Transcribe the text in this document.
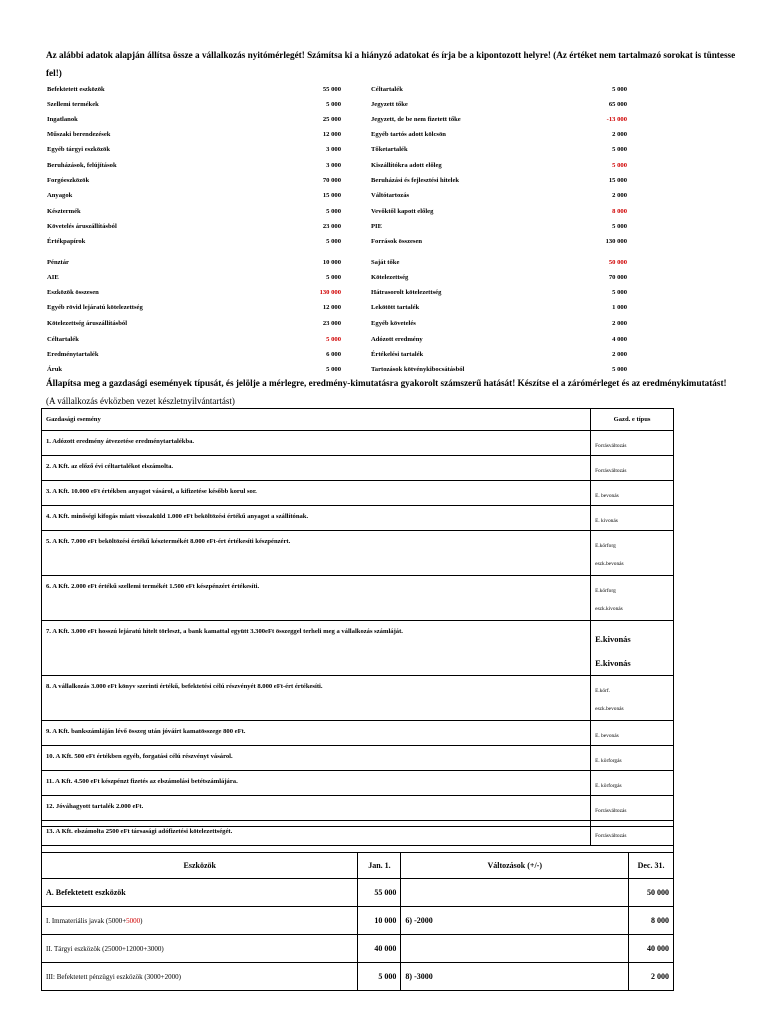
Az alábbi adatok alapján állítsa össze a vállalkozás nyitómérlegét! Számítsa ki a hiányzó adatokat és írja be a kipontozott helyre! (Az értéket nem tartalmazó sorokat is tüntesse fel!)
Befektetett eszközök	55 000
Szellemi termékek	5 000
Ingatlanok	25 000
Műszaki berendezések	12 000
Egyéb tárgyi eszközök	3 000
Beruházások, felújítások	3 000
Forgóeszközök	70 000
Anyagok	15 000
Késztermék	5 000
Követelés áruszállításból	23 000
Értékpapírok	5 000
Pénztár	10 000
AIE	5 000
Eszközök összesen	130 000
Egyéb rövid lejáratú kötelezettség	12 000
Kötelezettség áruszállításból	23 000
Céltartalék	5 000
Eredménytartalék	6 000
Áruk	5 000
Céltartalék	5 000
Jegyzett tőke	65 000
Jegyzett, de be nem fizetett tőke	-13 000
Egyéb tartós adott kölcsön	2 000
Tőketartalék	5 000
Kiszállítókra adott előleg	5 000
Beruházási és fejlesztési hitelek	15 000
Váltótartozás	2 000
Vevőktől kapott előleg	8 000
PIE	5 000
Források összesen	130 000
Saját tőke	50 000
Kötelezettség	70 000
Hátrasorolt kötelezettség	5 000
Lekötött tartalék	1 000
Egyéb követelés	2 000
Adózott eredmény	4 000
Értékelési tartalék	2 000
Tartozások kötvénykibocsátásból	5 000
Állapítsa meg a gazdasági események típusát, és jelölje a mérlegre, eredmény-kimutatásra gyakorolt számszerű hatását! Készítse el a zárómérleget és az eredménykimutatást!
(A vállalkozás évközben vezet készletnyilvántartást)
Gazdasági esemény	Gazd. e típus
1. Adózott eredmény átvezetése eredménytartalékba.	Forrásváltozás

2. A Kft. az előző évi céltartalékot elszámolta.	Forrásváltozás

3. A Kft. 10.000 eFt értékben anyagot vásárol, a kifizetése később korul sor.	E. bevonás

4. A Kft. minőségi kifogás miatt visszaküld 1.000 eFt beköltözési értékű anyagot a szállítónak.	E. kivonás

5. A Kft. 7.000 eFt beköltözési értékű késztermékét 8.000 eFt-ért értékesíti készpénzért.	E.körforg
eszk.bevonás

6. A Kft. 2.000 eFt értékű szellemi termékét 1.500 eFt készpénzért értékesíti.	E.körforg
eszk.kivonás

7. A Kft. 3.000 eFt hosszú lejáratú hitelt törleszt, a bank kamattal együtt 3.300eFt összeggel terheli meg a vállalkozás számláját.	E.kivonás
E.kivonás

8. A vállalkozás 3.000 eFt könyv szerinti értékű, befektetési célú részvényét 8.000 eFt-ért értékesíti.	E.körf.
eszk.bevonás

9. A Kft. bankszámláján lévő összeg után jóváírt kamatösszege 800 eFt.	E. bevonás

10. A Kft. 500 eFt értékben egyéb, forgatási célú részvényt vásárol.	E. körforgás

11. A Kft. 4.500 eFt készpénzt fizetés az elszámolási betétszámlájára.	E. körforgás

12. Jóváhagyott tartalék 2.000 eFt.	Forrásváltozás

13. A Kft. elszámolta 2500 eFt társasági adófizetési kötelezettségét.	Forrásváltozás

Eszközök	Jan. 1.	Változások (+/-)	Dec. 31.
A. Befektetett eszközök	55 000		50 000
I. Immateriális javak (5000+5000)	10 000	6) -2000	8 000
II. Tárgyi eszközök (25000+12000+3000)	40 000		40 000
III: Befektetett pénzügyi eszközök (3000+2000)	5 000	8) -3000	2 000
